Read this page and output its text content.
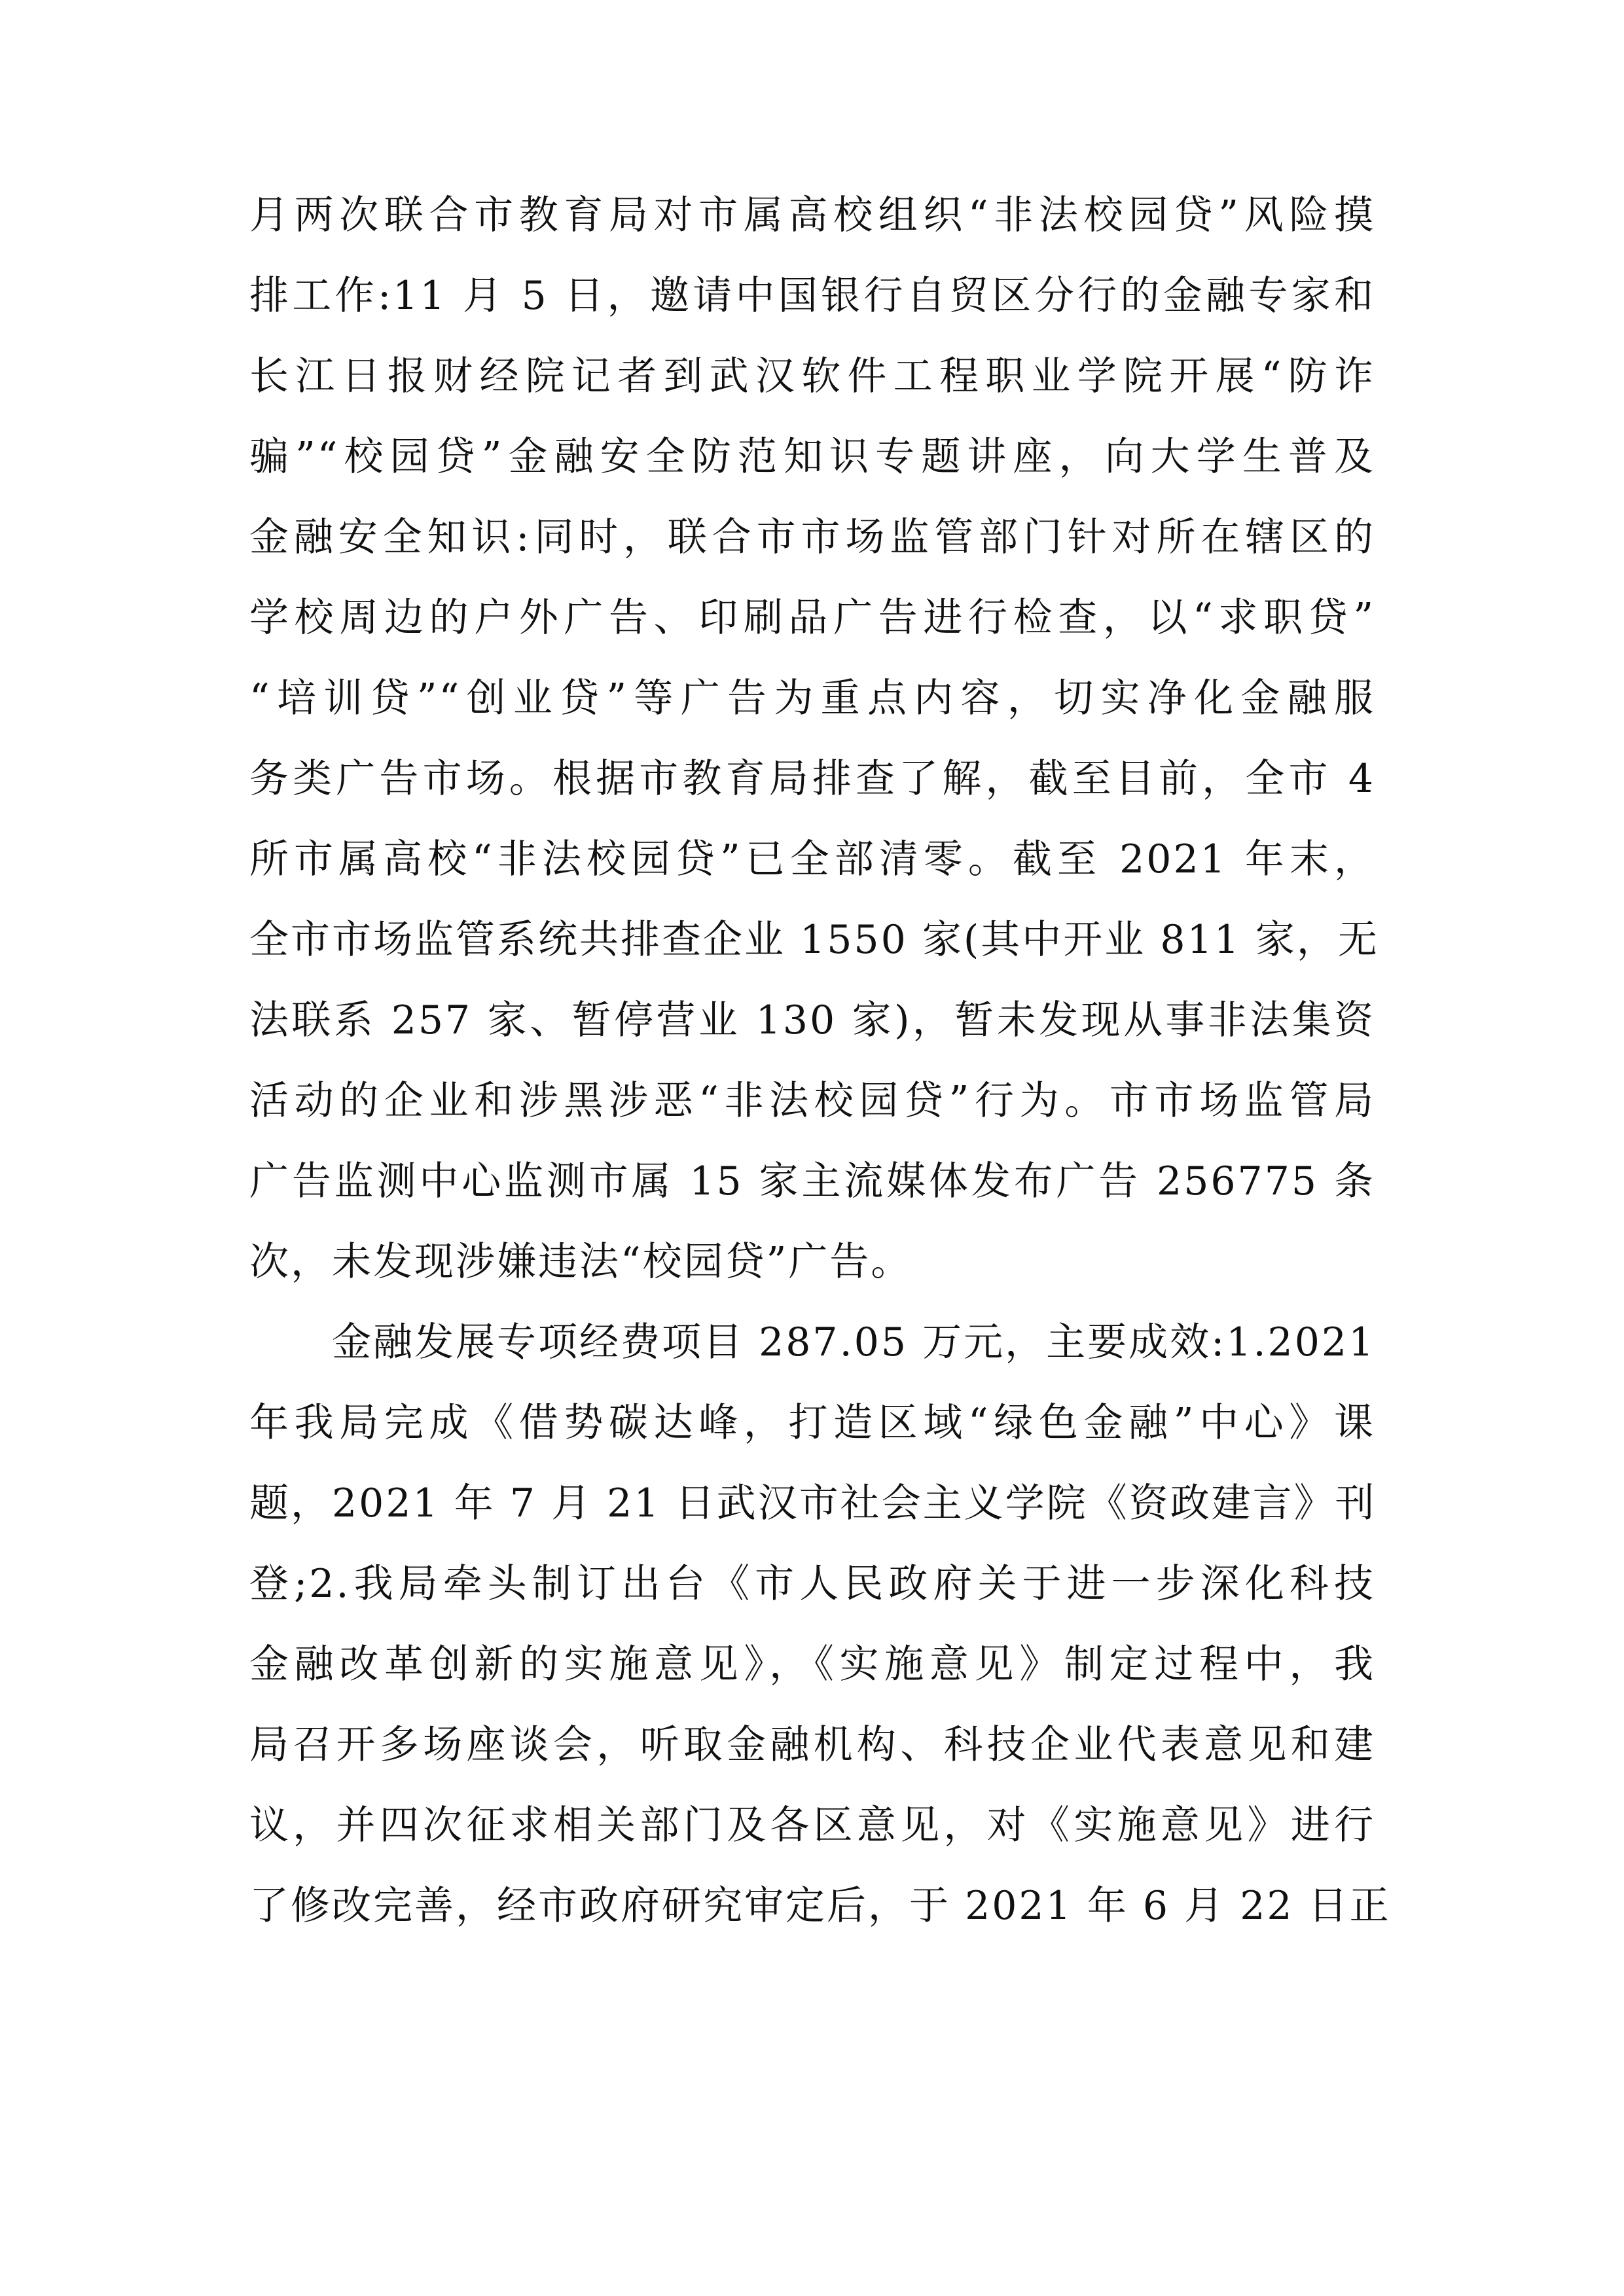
月两次联合市教育局对市属高校组织“非法校园贷”风险摸
排工作:11 月 5 日，邀请中国银行自贸区分行的金融专家和
长江日报财经院记者到武汉软件工程职业学院开展“防诈
骗”“校园贷”金融安全防范知识专题讲座，向大学生普及
金融安全知识:同时，联合市市场监管部门针对所在辖区的
学校周边的户外广告、印刷品广告进行检查，以“求职贷”
“培训贷”“创业贷”等广告为重点内容，切实净化金融服
务类广告市场。根据市教育局排查了解，截至目前，全市 4
所市属高校“非法校园贷”已全部清零。截至 2021 年末，
全市市场监管系统共排查企业 1550 家(其中开业 811 家，无
法联系 257 家、暂停营业 130 家)，暂未发现从事非法集资
活动的企业和涉黑涉恶“非法校园贷”行为。市市场监管局
广告监测中心监测市属 15 家主流媒体发布广告 256775 条
次，未发现涉嫌违法“校园贷”广告。
金融发展专项经费项目 287.05 万元，主要成效:1.2021
年我局完成《借势碳达峰，打造区域“绿色金融”中心》课
题，2021 年 7 月 21 日武汉市社会主义学院《资政建言》刊
登;2.我局牵头制订出台《市人民政府关于进一步深化科技
金融改革创新的实施意见》，《实施意见》制定过程中，我
局召开多场座谈会，听取金融机构、科技企业代表意见和建
议，并四次征求相关部门及各区意见，对《实施意见》进行
了修改完善，经市政府研究审定后，于 2021 年 6 月 22 日正
